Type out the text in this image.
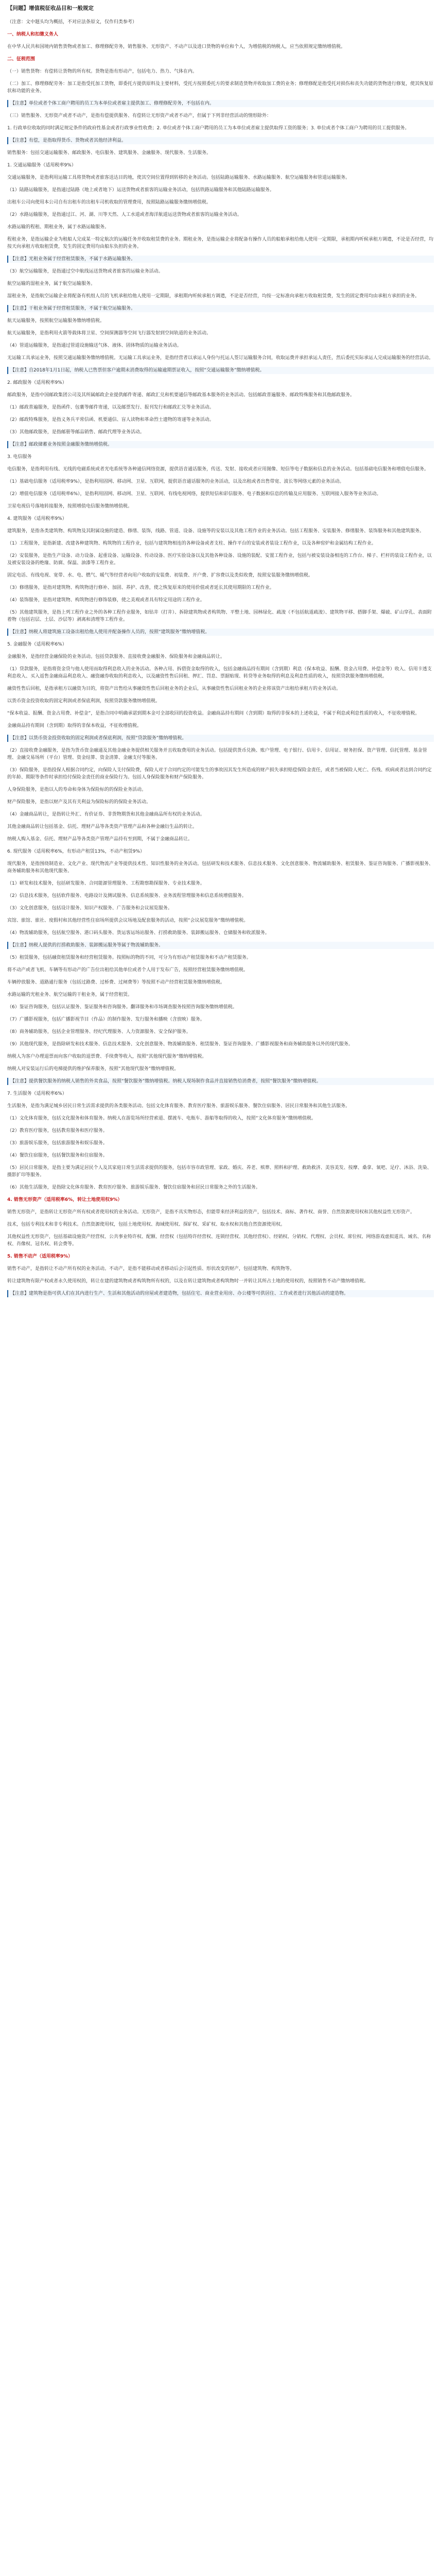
【问题】增值税征收品目和一般规定
（注意：文中题头均为概括，不对应法条原文，仅作归类参考）
一、纳税人和扣缴义务人
在中华人民共和国境内销售货物或者加工、修理修配劳务，销售服务、无形资产、不动产以及进口货物的单位和个人，为增值税的纳税人，应当依照规定缴纳增值税。
二、征税范围
（一）销售货物：有偿转让货物的所有权。货物是指有形动产，包括电力、热力、气体在内。
（二）加工、修理修配劳务：加工是指受托加工货物，即委托方提供原料及主要材料，受托方按照委托方的要求制造货物并收取加工费的业务；修理修配是指受托对损伤和丧失功能的货物进行修复，使其恢复原状和功能的业务。
【注意】单位或者个体工商户聘用的员工为本单位或者雇主提供加工、修理修配劳务，不包括在内。
（三）销售服务、无形资产或者不动产，是指有偿提供服务、有偿转让无形资产或者不动产，但属于下列非经营活动的情形除外：
1. 行政单位收取的同时满足规定条件的政府性基金或者行政事业性收费；2. 单位或者个体工商户聘用的员工为本单位或者雇主提供取得工资的服务；3. 单位或者个体工商户为聘用的员工提供服务。
【注意】有偿，是指取得货币、货物或者其他经济利益。
销售服务：包括交通运输服务、邮政服务、电信服务、建筑服务、金融服务、现代服务、生活服务。
1. 交通运输服务（适用税率9%）
交通运输服务，是指利用运输工具将货物或者旅客送达目的地，使其空间位置得到转移的业务活动。包括陆路运输服务、水路运输服务、航空运输服务和管道运输服务。
（1）陆路运输服务，是指通过陆路（地上或者地下）运送货物或者旅客的运输业务活动，包括铁路运输服务和其他陆路运输服务。
出租车公司向使用本公司自有出租车的出租车司机收取的管理费用，按照陆路运输服务缴纳增值税。
（2）水路运输服务，是指通过江、河、湖、川等天然、人工水道或者海洋航道运送货物或者旅客的运输业务活动。
水路运输的程租、期租业务，属于水路运输服务。
程租业务，是指运输企业为租船人完成某一特定航次的运输任务并收取租赁费的业务。期租业务，是指运输企业将配备有操作人员的船舶承租给他人使用一定期限，承租期内听候承租方调遣，不论是否经营，均按天向承租方收取租赁费，发生的固定费用均由船东负担的业务。
【注意】光租业务属于经营租赁服务，不属于水路运输服务。
（3）航空运输服务，是指通过空中航线运送货物或者旅客的运输业务活动。
航空运输的湿租业务，属于航空运输服务。
湿租业务，是指航空运输企业将配备有机组人员的飞机承租给他人使用一定期限，承租期内听候承租方调遣，不论是否经营，均按一定标准向承租方收取租赁费，发生的固定费用均由承租方承担的业务。
【注意】干租业务属于经营租赁服务，不属于航空运输服务。
航天运输服务，按照航空运输服务缴纳增值税。
航天运输服务，是指利用火箭等载体将卫星、空间探测器等空间飞行器发射到空间轨道的业务活动。
（4）管道运输服务，是指通过管道设施输送气体、液体、固体物质的运输业务活动。
无运输工具承运业务，按照交通运输服务缴纳增值税。无运输工具承运业务，是指经营者以承运人身份与托运人签订运输服务合同，收取运费并承担承运人责任，然后委托实际承运人完成运输服务的经营活动。
【注意】自2018年1月1日起，纳税人已售票但客户逾期未消费取得的运输逾期票证收入，按照“交通运输服务”缴纳增值税。
2. 邮政服务（适用税率9%）
邮政服务，是指中国邮政集团公司及其所属邮政企业提供邮件寄递、邮政汇兑和机要通信等邮政基本服务的业务活动。包括邮政普遍服务、邮政特殊服务和其他邮政服务。
（1）邮政普遍服务，是指函件、包裹等邮件寄递，以及邮票发行、报刊发行和邮政汇兑等业务活动。
（2）邮政特殊服务，是指义务兵平常信函、机要通信、盲人读物和革命烈士遗物的寄递等业务活动。
（3）其他邮政服务，是指邮册等邮品销售、邮政代理等业务活动。
【注意】邮政储蓄业务按照金融服务缴纳增值税。
3. 电信服务
电信服务，是指利用有线、无线的电磁系统或者光电系统等各种通信网络资源，提供语音通话服务，传送、发射、接收或者应用图像、短信等电子数据和信息的业务活动。包括基础电信服务和增值电信服务。
（1）基础电信服务（适用税率9%），是指利用固网、移动网、卫星、互联网，提供语音通话服务的业务活动，以及出租或者出售带宽、波长等网络元素的业务活动。
（2）增值电信服务（适用税率6%），是指利用固网、移动网、卫星、互联网、有线电视网络，提供短信和彩信服务、电子数据和信息的传输及应用服务、互联网接入服务等业务活动。
卫星电视信号落地转接服务，按照增值电信服务缴纳增值税。
4. 建筑服务（适用税率9%）
建筑服务，是指各类建筑物、构筑物及其附属设施的建造、修缮、装饰，线路、管道、设备、设施等的安装以及其他工程作业的业务活动。包括工程服务、安装服务、修缮服务、装饰服务和其他建筑服务。
（1）工程服务，是指新建、改建各种建筑物、构筑物的工程作业，包括与建筑物相连的各种设备或者支柱、操作平台的安装或者装设工程作业，以及各种窑炉和金属结构工程作业。
（2）安装服务，是指生产设备、动力设备、起重设备、运输设备、传动设备、医疗实验设备以及其他各种设备、设施的装配、安置工程作业，包括与被安装设备相连的工作台、梯子、栏杆的装设工程作业，以及被安装设备的绝缘、防腐、保温、油漆等工程作业。
固定电话、有线电视、宽带、水、电、燃气、暖气等经营者向用户收取的安装费、初装费、开户费、扩容费以及类似收费，按照安装服务缴纳增值税。
（3）修缮服务，是指对建筑物、构筑物进行修补、加固、养护、改善，使之恢复原来的使用价值或者延长其使用期限的工程作业。
（4）装饰服务，是指对建筑物、构筑物进行修饰装修，使之美观或者具有特定用途的工程作业。
（5）其他建筑服务，是指上列工程作业之外的各种工程作业服务，如钻井（打井）、拆除建筑物或者构筑物、平整土地、园林绿化、疏浚（不包括航道疏浚）、建筑物平移、搭脚手架、爆破、矿山穿孔、表面附着物（包括岩层、土层、沙层等）剥离和清理等工程作业。
【注意】纳税人将建筑施工设备出租给他人使用并配备操作人员的，按照“建筑服务”缴纳增值税。
5. 金融服务（适用税率6%）
金融服务，是指经营金融保险的业务活动。包括贷款服务、直接收费金融服务、保险服务和金融商品转让。
（1）贷款服务，是指将资金贷与他人使用而取得利息收入的业务活动。各种占用、拆借资金取得的收入，包括金融商品持有期间（含到期）利息（保本收益、报酬、资金占用费、补偿金等）收入、信用卡透支利息收入、买入返售金融商品利息收入、融资融券收取的利息收入，以及融资性售后回租、押汇、罚息、票据贴现、转贷等业务取得的利息及利息性质的收入，按照贷款服务缴纳增值税。
融资性售后回租，是指承租方以融资为目的，将资产出售给从事融资性售后回租业务的企业后，从事融资性售后回租业务的企业将该资产出租给承租方的业务活动。
以货币资金投资收取的固定利润或者保底利润，按照贷款服务缴纳增值税。
“保本收益、报酬、资金占用费、补偿金”，是指合同中明确承诺到期本金可全部收回的投资收益。金融商品持有期间（含到期）取得的非保本的上述收益，不属于利息或利息性质的收入，不征收增值税。
金融商品持有期间（含到期）取得的非保本收益，不征收增值税。
【注意】以货币资金投资收取的固定利润或者保底利润，按照“贷款服务”缴纳增值税。
（2）直接收费金融服务，是指为货币资金融通及其他金融业务提供相关服务并且收取费用的业务活动。包括提供货币兑换、账户管理、电子银行、信用卡、信用证、财务担保、资产管理、信托管理、基金管理、金融交易场所（平台）管理、资金结算、资金清算、金融支付等服务。
（3）保险服务，是指投保人根据合同约定，向保险人支付保险费，保险人对于合同约定的可能发生的事故因其发生所造成的财产损失承担赔偿保险金责任，或者当被保险人死亡、伤残、疾病或者达到合同约定的年龄、期限等条件时承担给付保险金责任的商业保险行为。包括人身保险服务和财产保险服务。
人身保险服务，是指以人的寿命和身体为保险标的的保险业务活动。
财产保险服务，是指以财产及其有关利益为保险标的的保险业务活动。
（4）金融商品转让，是指转让外汇、有价证券、非货物期货和其他金融商品所有权的业务活动。
其他金融商品转让包括基金、信托、理财产品等各类资产管理产品和各种金融衍生品的转让。
纳税人购入基金、信托、理财产品等各类资产管理产品持有至到期，不属于金融商品转让。
6. 现代服务（适用税率6%，有形动产租赁13%，不动产租赁9%）
现代服务，是指围绕制造业、文化产业、现代物流产业等提供技术性、知识性服务的业务活动。包括研发和技术服务、信息技术服务、文化创意服务、物流辅助服务、租赁服务、鉴证咨询服务、广播影视服务、商务辅助服务和其他现代服务。
（1）研发和技术服务，包括研发服务、合同能源管理服务、工程勘察勘探服务、专业技术服务。
（2）信息技术服务，包括软件服务、电路设计及测试服务、信息系统服务、业务流程管理服务和信息系统增值服务。
（3）文化创意服务，包括设计服务、知识产权服务、广告服务和会议展览服务。
宾馆、旅馆、旅社、度假村和其他经营性住宿场所提供会议场地及配套服务的活动，按照“会议展览服务”缴纳增值税。
（4）物流辅助服务，包括航空服务、港口码头服务、货运客运场站服务、打捞救助服务、装卸搬运服务、仓储服务和收派服务。
【注意】纳税人提供的打捞救助服务、装卸搬运服务等属于物流辅助服务。
（5）租赁服务，包括融资租赁服务和经营租赁服务。按照标的物的不同，可分为有形动产租赁服务和不动产租赁服务。
将不动产或者飞机、车辆等有形动产的广告位出租给其他单位或者个人用于发布广告，按照经营租赁服务缴纳增值税。
车辆停放服务、道路通行服务（包括过路费、过桥费、过闸费等）等按照不动产经营租赁服务缴纳增值税。
水路运输的光租业务、航空运输的干租业务，属于经营租赁。
（6）鉴证咨询服务，包括认证服务、鉴证服务和咨询服务。翻译服务和市场调查服务按照咨询服务缴纳增值税。
（7）广播影视服务，包括广播影视节目（作品）的制作服务、发行服务和播映（含放映）服务。
（8）商务辅助服务，包括企业管理服务、经纪代理服务、人力资源服务、安全保护服务。
（9）其他现代服务，是指除研发和技术服务、信息技术服务、文化创意服务、物流辅助服务、租赁服务、鉴证咨询服务、广播影视服务和商务辅助服务以外的现代服务。
纳税人为客户办理退票而向客户收取的退票费、手续费等收入，按照“其他现代服务”缴纳增值税。
纳税人对安装运行后的电梯提供的维护保养服务，按照“其他现代服务”缴纳增值税。
【注意】提供餐饮服务的纳税人销售的外卖食品，按照“餐饮服务”缴纳增值税。纳税人现场制作食品并直接销售给消费者，按照“餐饮服务”缴纳增值税。
7. 生活服务（适用税率6%）
生活服务，是指为满足城乡居民日常生活需求提供的各类服务活动。包括文化体育服务、教育医疗服务、旅游娱乐服务、餐饮住宿服务、居民日常服务和其他生活服务。
（1）文化体育服务，包括文化服务和体育服务。纳税人在游览场所经营索道、摆渡车、电瓶车、游船等取得的收入，按照“文化体育服务”缴纳增值税。
（2）教育医疗服务，包括教育服务和医疗服务。
（3）旅游娱乐服务，包括旅游服务和娱乐服务。
（4）餐饮住宿服务，包括餐饮服务和住宿服务。
（5）居民日常服务，是指主要为满足居民个人及其家庭日常生活需求提供的服务，包括市容市政管理、家政、婚庆、养老、殡葬、照料和护理、救助救济、美容美发、按摩、桑拿、氧吧、足疗、沐浴、洗染、摄影扩印等服务。
（6）其他生活服务，是指除文化体育服务、教育医疗服务、旅游娱乐服务、餐饮住宿服务和居民日常服务之外的生活服务。
4. 销售无形资产（适用税率6%，转让土地使用权9%）
销售无形资产，是指转让无形资产所有权或者使用权的业务活动。无形资产，是指不具实物形态，但能带来经济利益的资产，包括技术、商标、著作权、商誉、自然资源使用权和其他权益性无形资产。
技术，包括专利技术和非专利技术。自然资源使用权，包括土地使用权、海域使用权、探矿权、采矿权、取水权和其他自然资源使用权。
其他权益性无形资产，包括基础设施资产经营权、公共事业特许权、配额、经营权（包括特许经营权、连锁经营权、其他经营权）、经销权、分销权、代理权、会员权、席位权、网络游戏虚拟道具、域名、名称权、肖像权、冠名权、转会费等。
5. 销售不动产（适用税率9%）
销售不动产，是指转让不动产所有权的业务活动。不动产，是指不能移动或者移动后会引起性质、形状改变的财产，包括建筑物、构筑物等。
转让建筑物有限产权或者永久使用权的，转让在建的建筑物或者构筑物所有权的，以及在转让建筑物或者构筑物时一并转让其所占土地的使用权的，按照销售不动产缴纳增值税。
【注意】建筑物是指可供人们在其内进行生产、生活和其他活动的房屋或者建造物，包括住宅、商业营业用房、办公楼等可供居住、工作或者进行其他活动的建造物。
